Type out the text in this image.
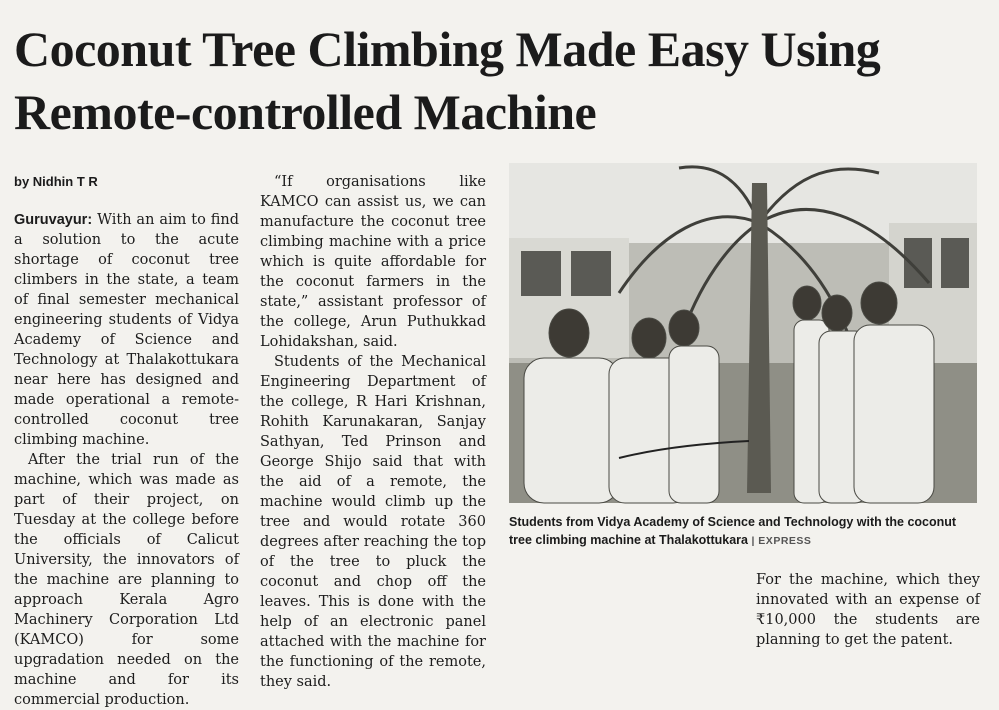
Coconut Tree Climbing Made Easy Using Remote-controlled Machine
by Nidhin T R

Guruvayur: With an aim to find a solution to the acute shortage of coconut tree climbers in the state, a team of final semester mechanical engineering students of Vidya Academy of Science and Technology at Thalakottukara near here has designed and made operational a remote-controlled coconut tree climbing machine.

After the trial run of the machine, which was made as part of their project, on Tuesday at the college before the officials of Calicut University, the innovators of the machine are planning to approach Kerala Agro Machinery Corporation Ltd (KAMCO) for some upgradation needed on the machine and for its commercial production.

“If organisations like KAMCO can assist us, we can manufacture the coconut tree climbing machine with a price which is quite affordable for the coconut farmers in the state,” assistant professor of the college, Arun Puthukkad Lohidakshan, said.

Students of the Mechanical Engineering Department of the college, R Hari Krishnan, Rohith Karunakaran, Sanjay Sathyan, Ted Prinson and George Shijo said that with the aid of a remote, the machine would climb up the tree and would rotate 360 degrees after reaching the top of the tree to pluck the coconut and chop off the leaves. This is done with the help of an electronic panel attached with the machine for the functioning of the remote, they said.

For the machine, which they innovated with an expense of ₹10,000 the students are planning to get the patent.

Students from Vidya Academy of Science and Technology with the coconut tree climbing machine at Thalakottukara | EXPRESS
